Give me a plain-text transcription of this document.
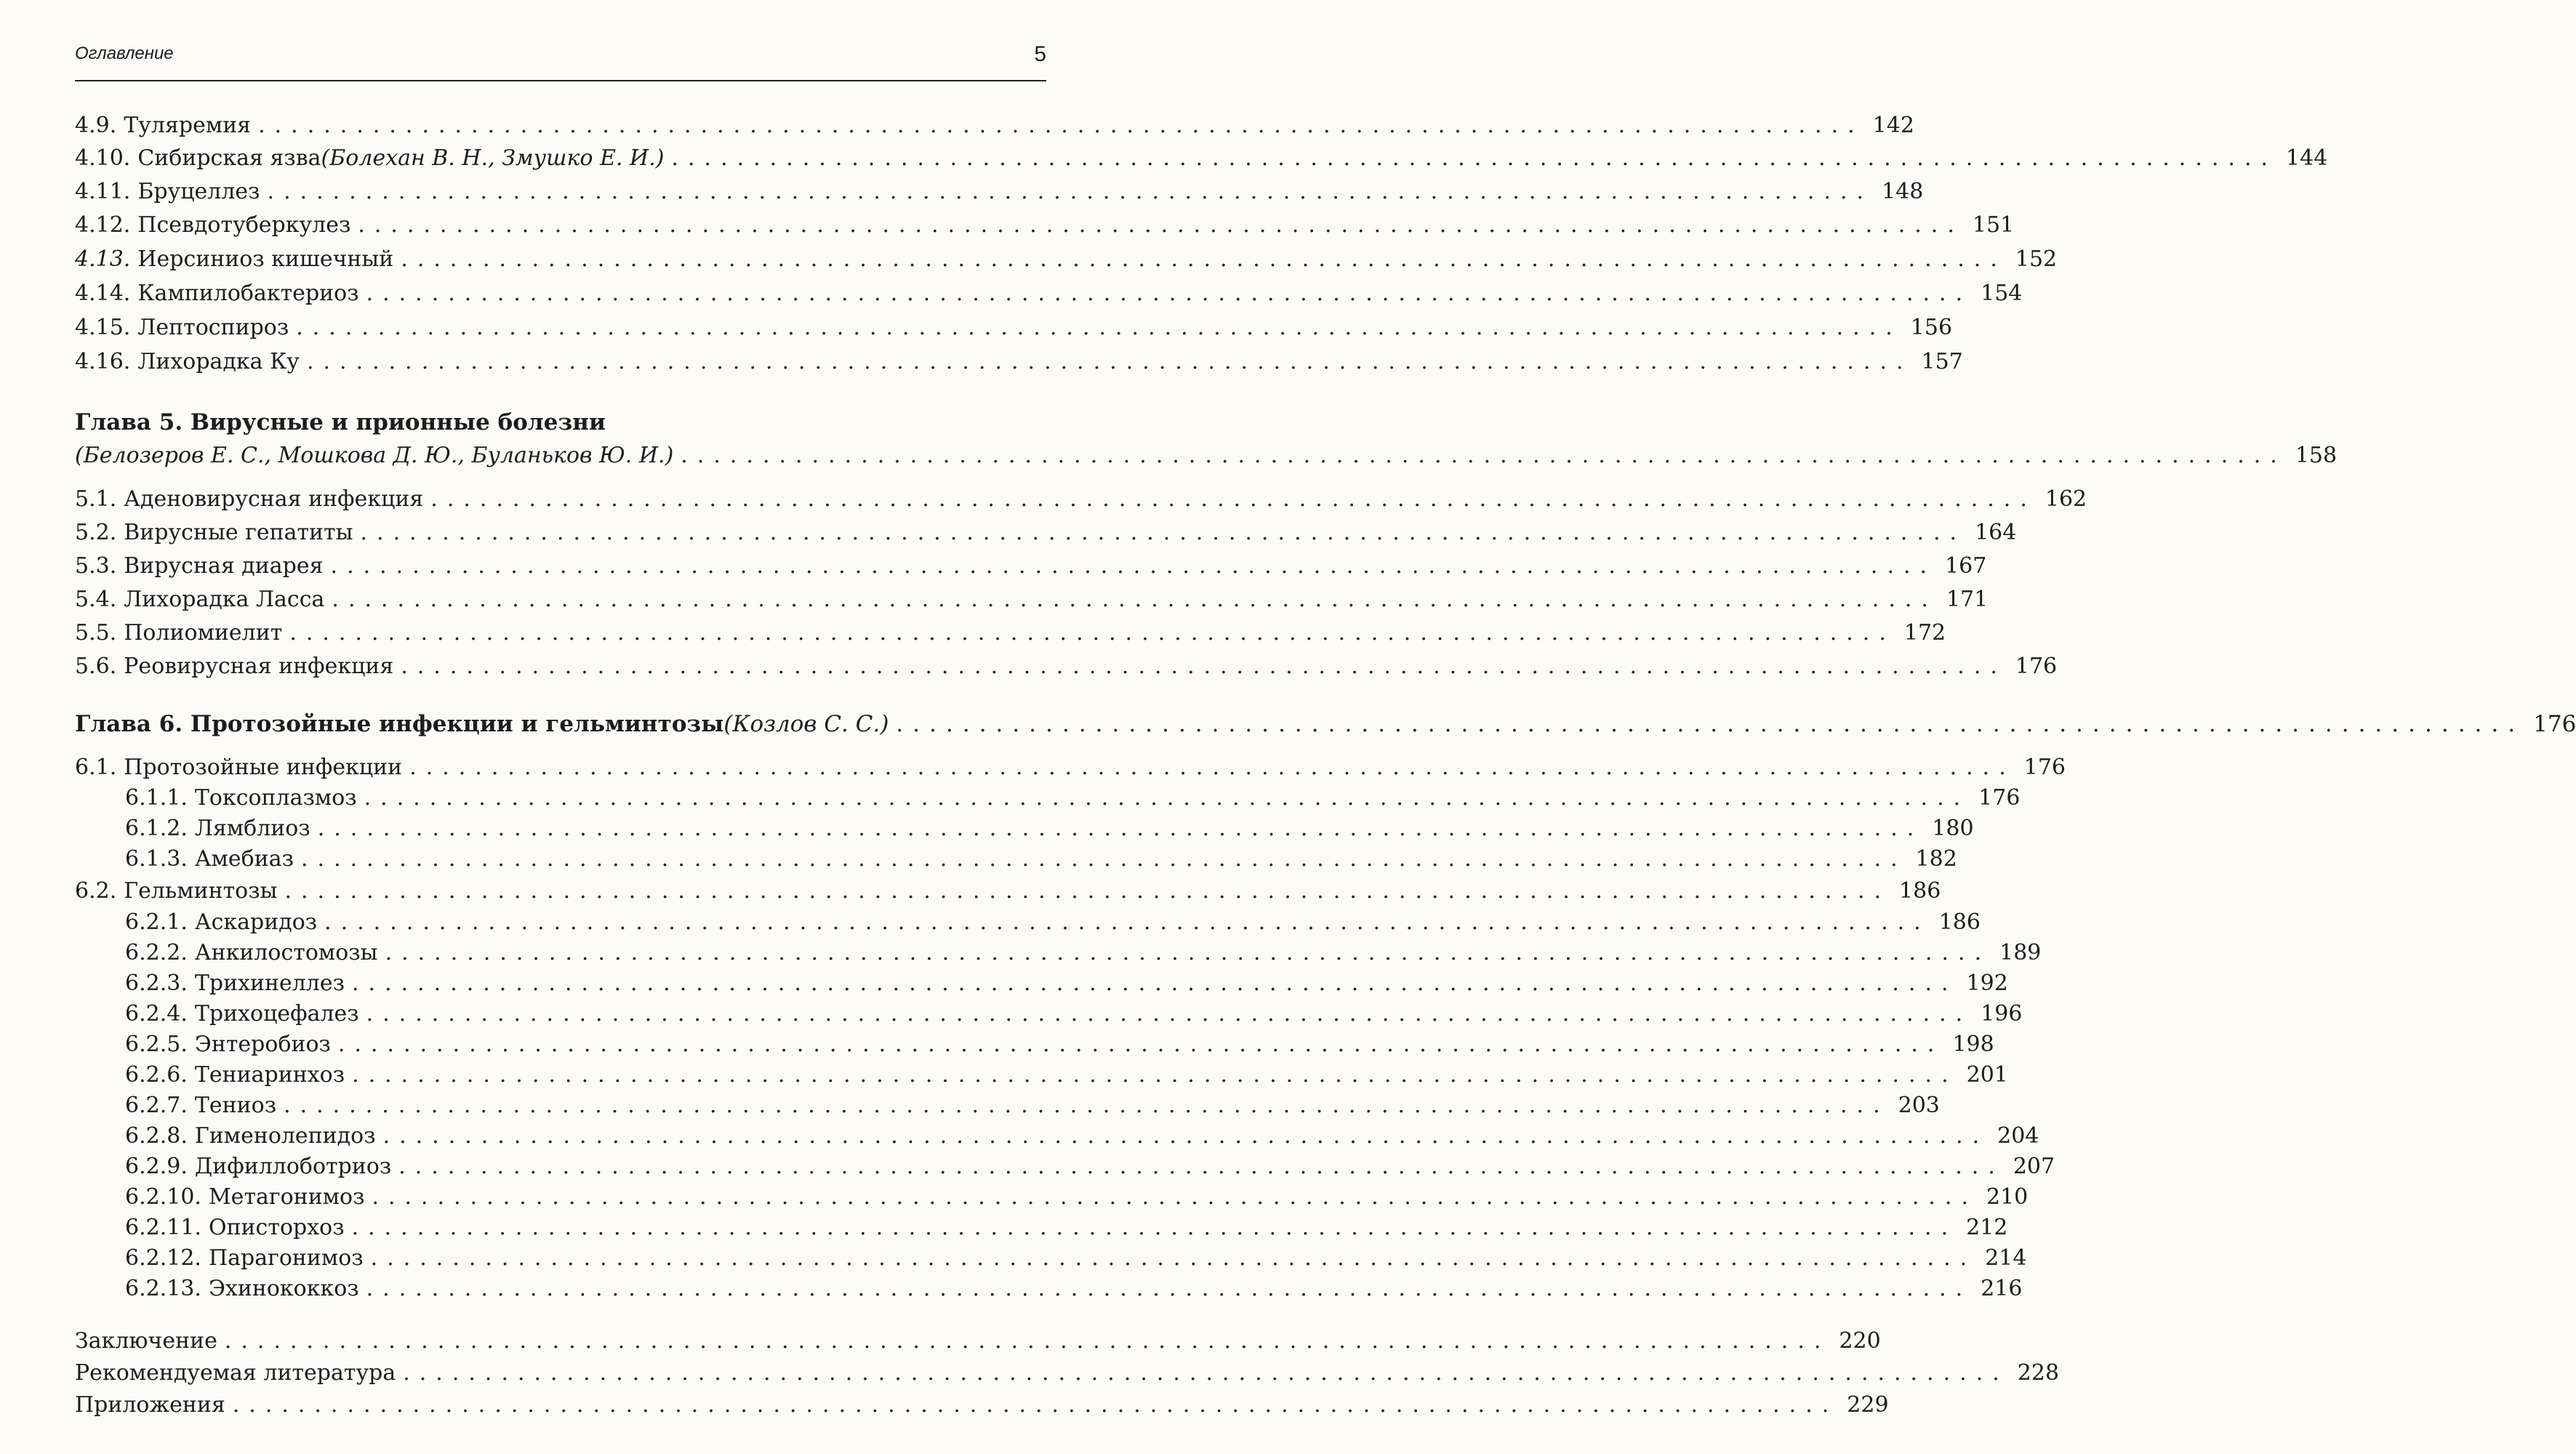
Оглавление	5
4.9. Туляремия .................................................................................................. 142
4.10. Сибирская язва (Болехан В. Н., Змушко Е. И.) .................................................................................................. 144
4.11. Бруцеллез .................................................................................................. 148
4.12. Псевдотуберкулез .................................................................................................. 151
4.13. Иерсиниоз кишечный .................................................................................................. 152
4.14. Кампилобактериоз .................................................................................................. 154
4.15. Лептоспироз .................................................................................................. 156
4.16. Лихорадка Ку .................................................................................................. 157
Глава 5. Вирусные и прионные болезни
(Белозеров Е. С., Мошкова Д. Ю., Буланьков Ю. И.) .................................................................................................. 158
5.1. Аденовирусная инфекция .................................................................................................. 162
5.2. Вирусные гепатиты .................................................................................................. 164
5.3. Вирусная диарея .................................................................................................. 167
5.4. Лихорадка Ласса .................................................................................................. 171
5.5. Полиомиелит .................................................................................................. 172
5.6. Реовирусная инфекция .................................................................................................. 176
Глава 6. Протозойные инфекции и гельминтозы (Козлов С. С.) .................................................................................................. 176
6.1. Протозойные инфекции .................................................................................................. 176
6.1.1. Токсоплазмоз .................................................................................................. 176
6.1.2. Лямблиоз .................................................................................................. 180
6.1.3. Амебиаз .................................................................................................. 182
6.2. Гельминтозы .................................................................................................. 186
6.2.1. Аскаридоз .................................................................................................. 186
6.2.2. Анкилостомозы .................................................................................................. 189
6.2.3. Трихинеллез .................................................................................................. 192
6.2.4. Трихоцефалез .................................................................................................. 196
6.2.5. Энтеробиоз .................................................................................................. 198
6.2.6. Тениаринхоз .................................................................................................. 201
6.2.7. Тениоз .................................................................................................. 203
6.2.8. Гименолепидоз .................................................................................................. 204
6.2.9. Дифиллоботриоз .................................................................................................. 207
6.2.10. Метагонимоз .................................................................................................. 210
6.2.11. Описторхоз .................................................................................................. 212
6.2.12. Парагонимоз .................................................................................................. 214
6.2.13. Эхинококкоз .................................................................................................. 216
Заключение .................................................................................................. 220
Рекомендуемая литература .................................................................................................. 228
Приложения .................................................................................................. 229
